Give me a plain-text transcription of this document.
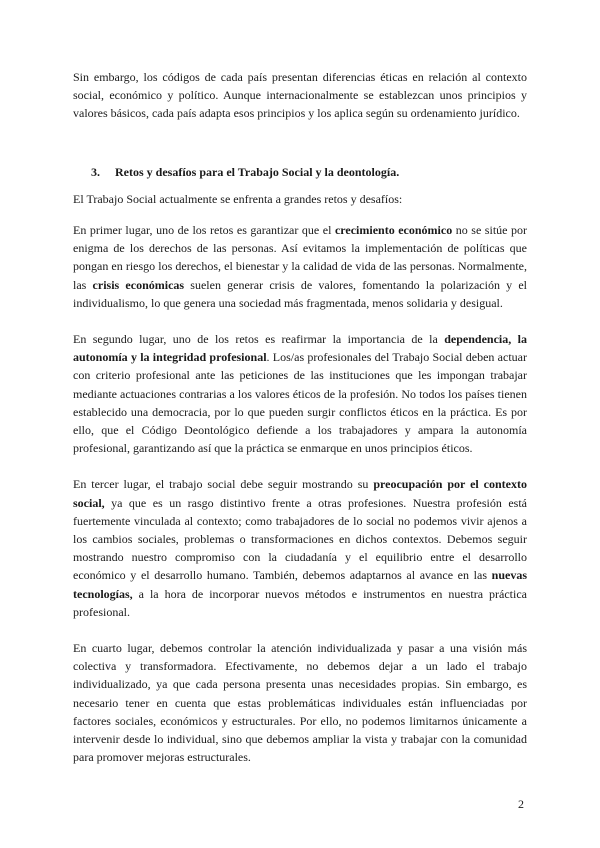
Sin embargo, los códigos de cada país presentan diferencias éticas en relación al contexto social, económico y político. Aunque internacionalmente se establezcan unos principios y valores básicos, cada país adapta esos principios y los aplica según su ordenamiento jurídico.

3. Retos y desafíos para el Trabajo Social y la deontología.

El Trabajo Social actualmente se enfrenta a grandes retos y desafíos:

En primer lugar, uno de los retos es garantizar que el crecimiento económico no se sitúe por enigma de los derechos de las personas. Así evitamos la implementación de políticas que pongan en riesgo los derechos, el bienestar y la calidad de vida de las personas. Normalmente, las crisis económicas suelen generar crisis de valores, fomentando la polarización y el individualismo, lo que genera una sociedad más fragmentada, menos solidaria y desigual.

En segundo lugar, uno de los retos es reafirmar la importancia de la dependencia, la autonomía y la integridad profesional. Los/as profesionales del Trabajo Social deben actuar con criterio profesional ante las peticiones de las instituciones que les impongan trabajar mediante actuaciones contrarias a los valores éticos de la profesión. No todos los países tienen establecido una democracia, por lo que pueden surgir conflictos éticos en la práctica. Es por ello, que el Código Deontológico defiende a los trabajadores y ampara la autonomía profesional, garantizando así que la práctica se enmarque en unos principios éticos.

En tercer lugar, el trabajo social debe seguir mostrando su preocupación por el contexto social, ya que es un rasgo distintivo frente a otras profesiones. Nuestra profesión está fuertemente vinculada al contexto; como trabajadores de lo social no podemos vivir ajenos a los cambios sociales, problemas o transformaciones en dichos contextos. Debemos seguir mostrando nuestro compromiso con la ciudadanía y el equilibrio entre el desarrollo económico y el desarrollo humano. También, debemos adaptarnos al avance en las nuevas tecnologías, a la hora de incorporar nuevos métodos e instrumentos en nuestra práctica profesional.

En cuarto lugar, debemos controlar la atención individualizada y pasar a una visión más colectiva y transformadora. Efectivamente, no debemos dejar a un lado el trabajo individualizado, ya que cada persona presenta unas necesidades propias. Sin embargo, es necesario tener en cuenta que estas problemáticas individuales están influenciadas por factores sociales, económicos y estructurales. Por ello, no podemos limitarnos únicamente a intervenir desde lo individual, sino que debemos ampliar la vista y trabajar con la comunidad para promover mejoras estructurales.

2
